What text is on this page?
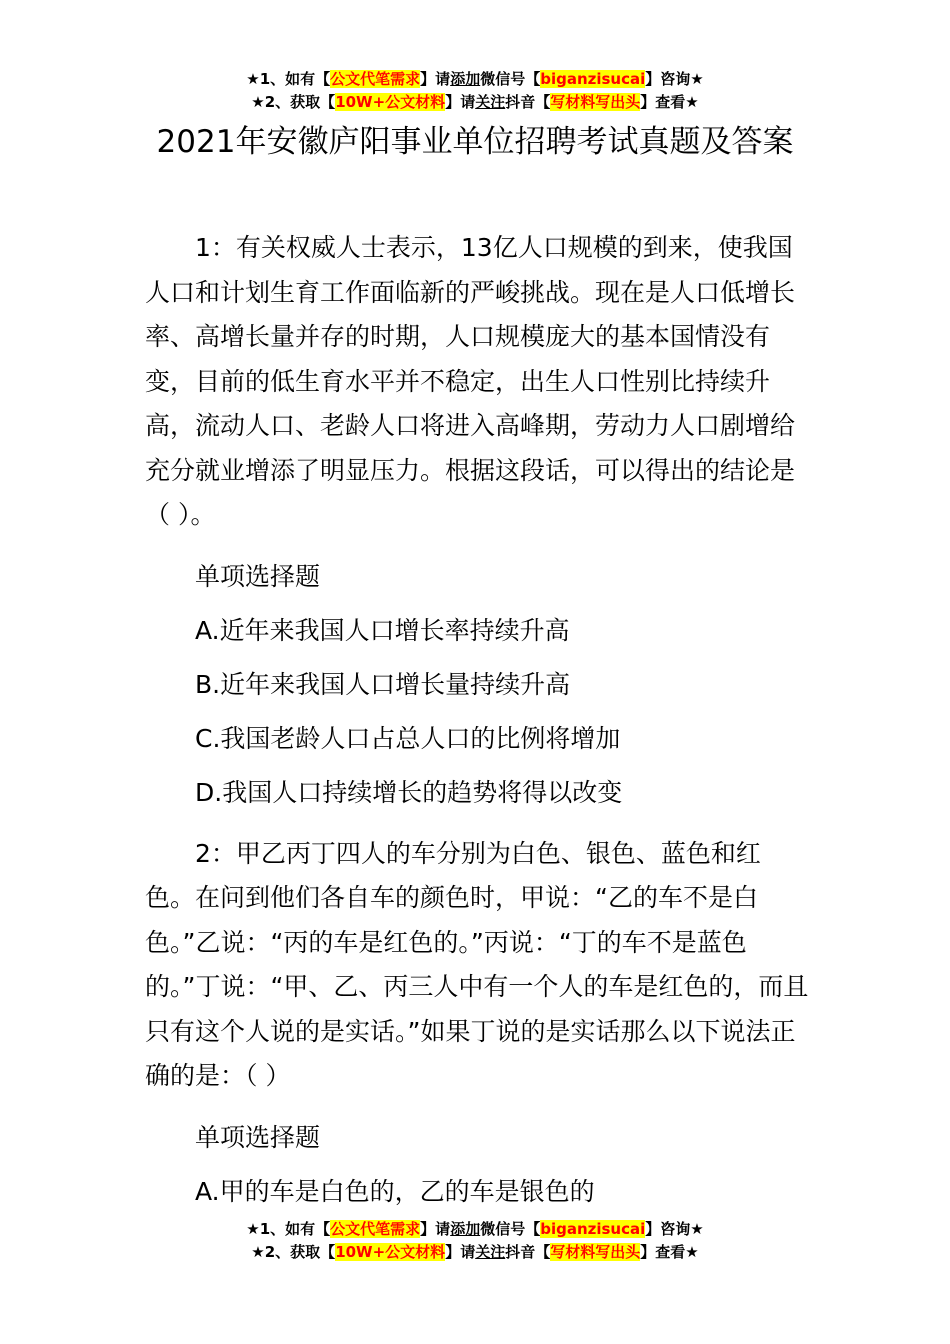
★1、如有【公文代笔需求】请添加微信号【biganzisucai】咨询★
★2、获取【10W+公文材料】请关注抖音【写材料写出头】查看★
2021年安徽庐阳事业单位招聘考试真题及答案

1：有关权威人士表示，13亿人口规模的到来，使我国人口和计划生育工作面临新的严峻挑战。现在是人口低增长率、高增长量并存的时期，人口规模庞大的基本国情没有变，目前的低生育水平并不稳定，出生人口性别比持续升高，流动人口、老龄人口将进入高峰期，劳动力人口剧增给充分就业增添了明显压力。根据这段话，可以得出的结论是（ ）。

单项选择题

A.近年来我国人口增长率持续升高

B.近年来我国人口增长量持续升高

C.我国老龄人口占总人口的比例将增加

D.我国人口持续增长的趋势将得以改变

2：甲乙丙丁四人的车分别为白色、银色、蓝色和红色。在问到他们各自车的颜色时，甲说：“乙的车不是白色。”乙说：“丙的车是红色的。”丙说：“丁的车不是蓝色的。”丁说：“甲、乙、丙三人中有一个人的车是红色的，而且只有这个人说的是实话。”如果丁说的是实话那么以下说法正确的是：（ ）

单项选择题

A.甲的车是白色的，乙的车是银色的

★1、如有【公文代笔需求】请添加微信号【biganzisucai】咨询★
★2、获取【10W+公文材料】请关注抖音【写材料写出头】查看★
